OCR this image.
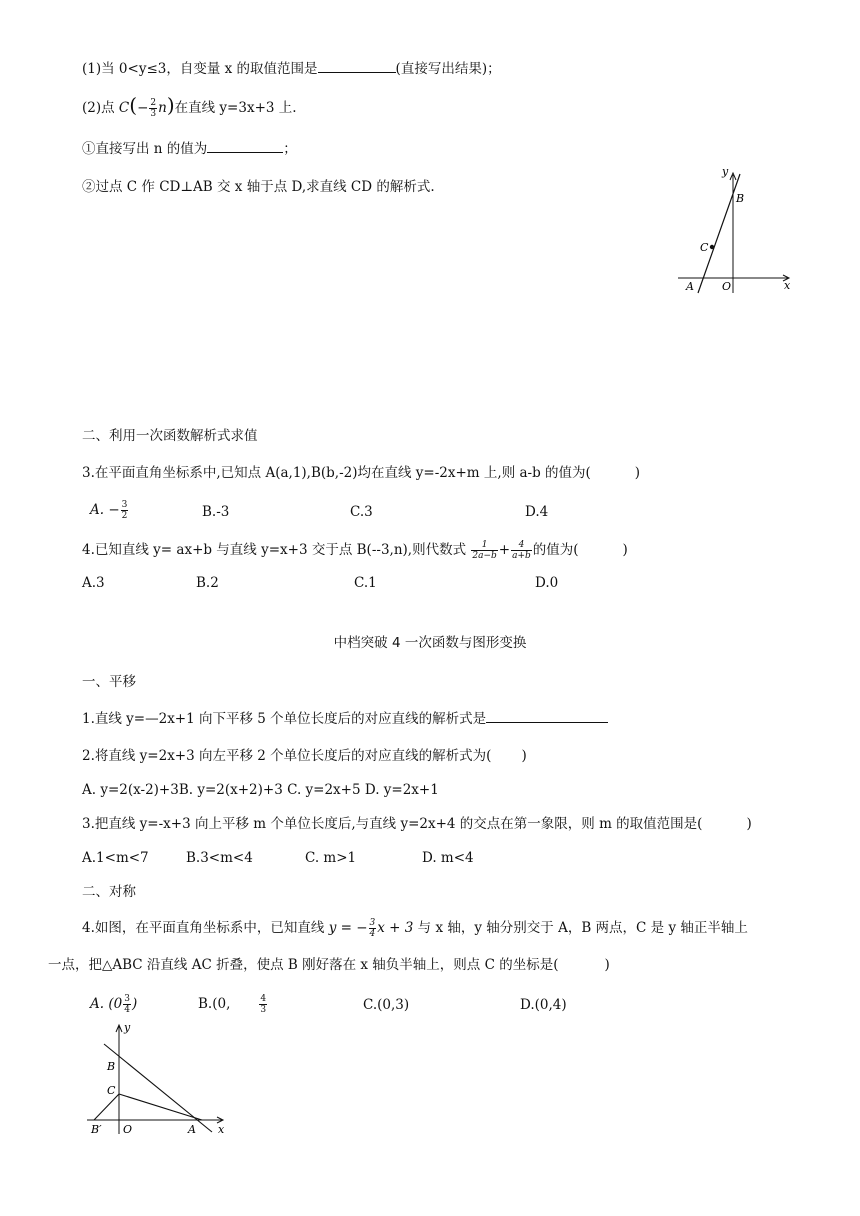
(1)当 0<y≤3，自变量 x 的取值范围是	(直接写出结果)；
(2)点 $C(- \frac{2}{3} n)$在直线 y=3x+3 上.
①直接写出 n 的值为	；
②过点 C 作 CD⊥AB 交 x 轴于点 D,求直线 CD 的解析式.
y
x
B
C
A	O
二、利用一次函数解析式求值
3.在平面直角坐标系中,已知点 A(a,1),B(b,-2)均在直线 y=-2x+m 上,则 a-b 的值为(	)
A. − $\frac{3}{2}$	B.-3	C.3	D.4
4.已知直线 y= ax+b 与直线 y=x+3 交于点 B(--3,n),则代数式 $\frac{1}{2a-b} + \frac{4}{a+b}$ 的值为(	)
A.3	B.2	C.1	D.0
中档突破 4 一次函数与图形变换
一、平移
1.直线 y=—2x+1 向下平移 5 个单位长度后的对应直线的解析式是
2.将直线 y=2x+3 向左平移 2 个单位长度后的对应直线的解析式为( )
A. y=2(x-2)+3B. y=2(x+2)+3 C. y=2x+5 D. y=2x+1
3.把直线 y=-x+3 向上平移 m 个单位长度后,与直线 y=2x+4 的交点在第一象限，则 m 的取值范围是(	)
A.1<m<7	B.3<m<4	C. m>1	D. m<4
二、对称
4.如图，在平面直角坐标系中，已知直线 y = − $\frac{3}{4}$ x + 3 与 x 轴，y 轴分别交于 A，B 两点，C 是 y 轴正半轴上
一点，把△ABC 沿直线 AC 折叠，使点 B 刚好落在 x 轴负半轴上，则点 C 的坐标是(	)
A. ($0 \frac{3}{4}$ )	B.(0,	$\frac{4}{3}$	C.(0,3)	D.(0,4)
y
x
B
C
B′ O	A
